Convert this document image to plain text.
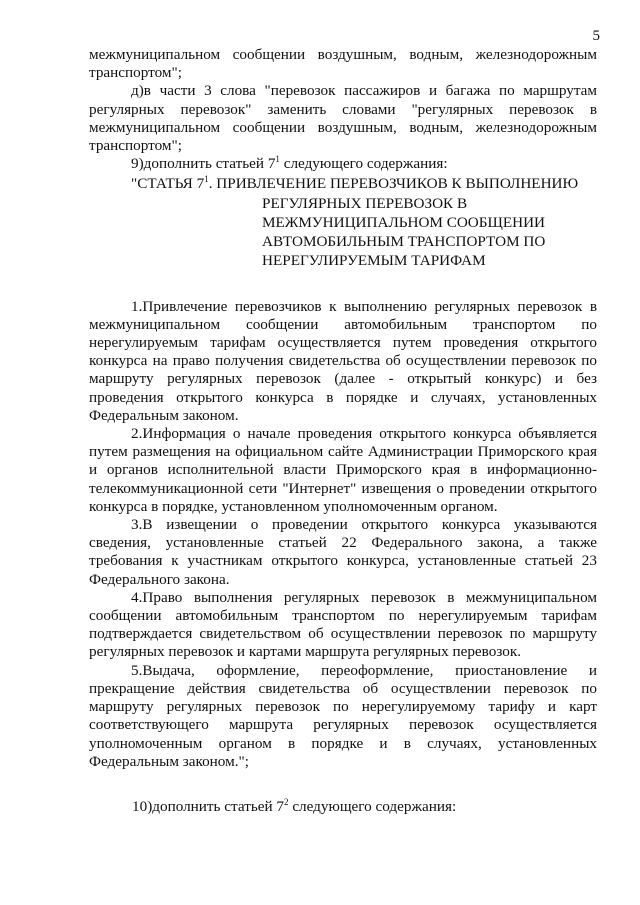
5

межмуниципальном сообщении воздушным, водным, железнодорожным транспортом";

д)в части 3 слова "перевозок пассажиров и багажа по маршрутам регулярных перевозок" заменить словами "регулярных перевозок в межмуниципальном сообщении воздушным, водным, железнодорожным транспортом";

9)дополнить статьей $7^1$ следующего содержания:

"СТАТЬЯ $7^1$. ПРИВЛЕЧЕНИЕ ПЕРЕВОЗЧИКОВ К ВЫПОЛНЕНИЮ
РЕГУЛЯРНЫХ ПЕРЕВОЗОК В
МЕЖМУНИЦИПАЛЬНОМ СООБЩЕНИИ
АВТОМОБИЛЬНЫМ ТРАНСПОРТОМ ПО
НЕРЕГУЛИРУЕМЫМ ТАРИФАМ

1.Привлечение перевозчиков к выполнению регулярных перевозок в межмуниципальном сообщении автомобильным транспортом по нерегулируемым тарифам осуществляется путем проведения открытого конкурса на право получения свидетельства об осуществлении перевозок по маршруту регулярных перевозок (далее - открытый конкурс) и без проведения открытого конкурса в порядке и случаях, установленных Федеральным законом.

2.Информация о начале проведения открытого конкурса объявляется путем размещения на официальном сайте Администрации Приморского края и органов исполнительной власти Приморского края в информационно-телекоммуникационной сети "Интернет" извещения о проведении открытого конкурса в порядке, установленном уполномоченным органом.

3.В извещении о проведении открытого конкурса указываются сведения, установленные статьей 22 Федерального закона, а также требования к участникам открытого конкурса, установленные статьей 23 Федерального закона.

4.Право выполнения регулярных перевозок в межмуниципальном сообщении автомобильным транспортом по нерегулируемым тарифам подтверждается свидетельством об осуществлении перевозок по маршруту регулярных перевозок и картами маршрута регулярных перевозок.

5.Выдача, оформление, переоформление, приостановление и прекращение действия свидетельства об осуществлении перевозок по маршруту регулярных перевозок по нерегулируемому тарифу и карт соответствующего маршрута регулярных перевозок осуществляется уполномоченным органом в порядке и в случаях, установленных Федеральным законом.";

10)дополнить статьей $7^2$ следующего содержания:
